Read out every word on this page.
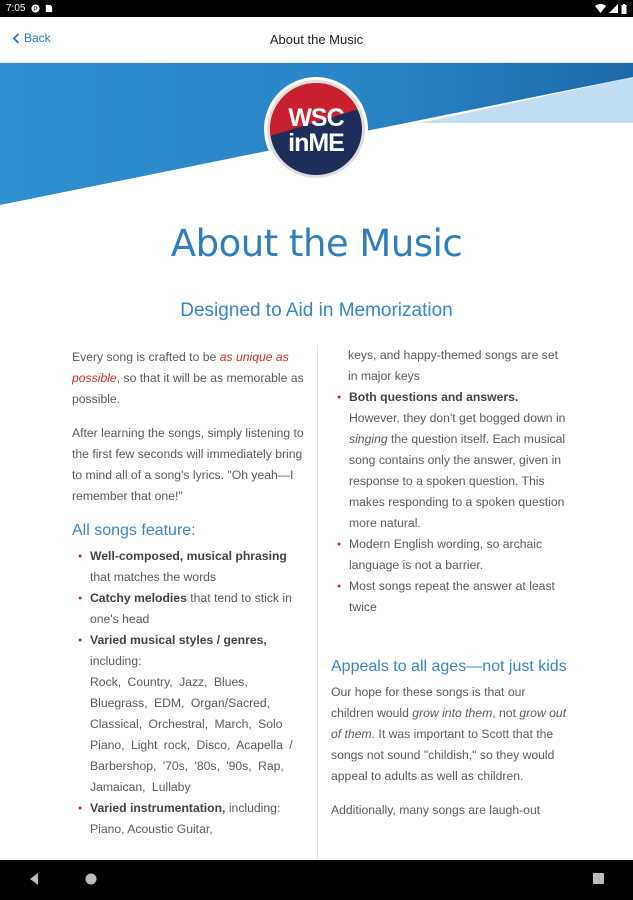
7:05 P
Back	About the Music
WSC
inME
About the Music
Designed to Aid in Memorization

Every song is crafted to be as unique as possible, so that it will be as memorable as possible.

After learning the songs, simply listening to the first few seconds will immediately bring to mind all of a song's lyrics. "Oh yeah—I remember that one!"

All songs feature:
● Well-composed, musical phrasing that matches the words
● Catchy melodies that tend to stick in one's head
● Varied musical styles / genres, including:
Rock, Country, Jazz, Blues, Bluegrass, EDM, Organ/Sacred, Classical, Orchestral, March, Solo Piano, Light rock, Disco, Acapella / Barbershop, '70s, '80s, '90s, Rap, Jamaican, Lullaby
● Varied instrumentation, including:
Piano, Acoustic Guitar,
keys, and happy-themed songs are set in major keys
● Both questions and answers. However, they don't get bogged down in singing the question itself. Each musical song contains only the answer, given in response to a spoken question. This makes responding to a spoken question more natural.
● Modern English wording, so archaic language is not a barrier.
● Most songs repeat the answer at least twice
Appeals to all ages—not just kids

Our hope for these songs is that our children would grow into them, not grow out of them. It was important to Scott that the songs not sound "childish," so they would appeal to adults as well as children.

Additionally, many songs are laugh-out
